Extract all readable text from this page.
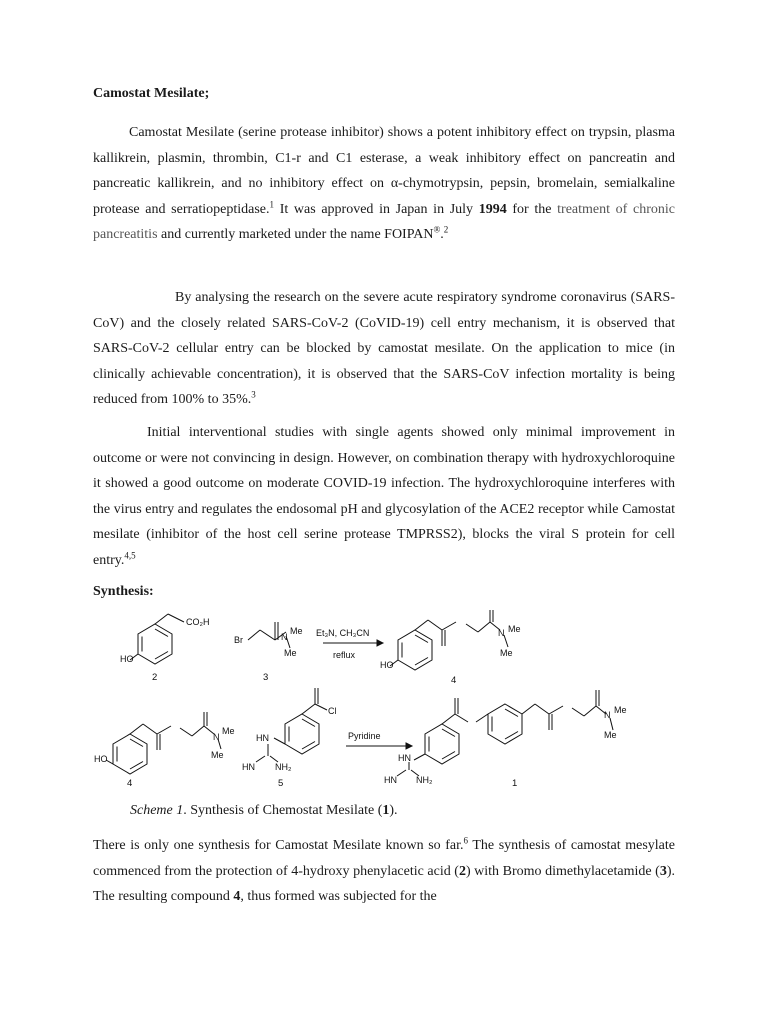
Camostat Mesilate;

Camostat Mesilate (serine protease inhibitor) shows a potent inhibitory effect on trypsin, plasma kallikrein, plasmin, thrombin, C1-r and C1 esterase, a weak inhibitory effect on pancreatin and pancreatic kallikrein, and no inhibitory effect on α-chymotrypsin, pepsin, bromelain, semialkaline protease and serratiopeptidase.$^1$ It was approved in Japan in July 1994 for the treatment of chronic pancreatitis and currently marketed under the name FOIPAN®.$^2$

By analysing the research on the severe acute respiratory syndrome coronavirus (SARS-CoV) and the closely related SARS-CoV-2 (CoVID-19) cell entry mechanism, it is observed that SARS-CoV-2 cellular entry can be blocked by camostat mesilate. On the application to mice (in clinically achievable concentration), it is observed that the SARS-CoV infection mortality is being reduced from 100% to 35%.$^3$

Initial interventional studies with single agents showed only minimal improvement in outcome or were not convincing in design. However, on combination therapy with hydroxychloroquine it showed a good outcome on moderate COVID-19 infection. The hydroxychloroquine interferes with the virus entry and regulates the endosomal pH and glycosylation of the ACE2 receptor while Camostat mesilate (inhibitor of the host cell serine protease TMPRSS2), blocks the viral S protein for cell entry.$^{4,5}$

Synthesis:

CO₂H
HO
2
Br	N
Me
Me
3
Et₃N, CH₃CN
reflux
HO
N Me
Me
4
HO
N
Me
Me
4
Cl
HN
HN NH₂
5
Pyridine
HN
HN NH₂
N Me
Me
1

Scheme 1. Synthesis of Chemostat Mesilate (1).

There is only one synthesis for Camostat Mesilate known so far.$^6$ The synthesis of camostat mesylate commenced from the protection of 4-hydroxy phenylacetic acid (2) with Bromo dimethylacetamide (3). The resulting compound 4, thus formed was subjected for the
